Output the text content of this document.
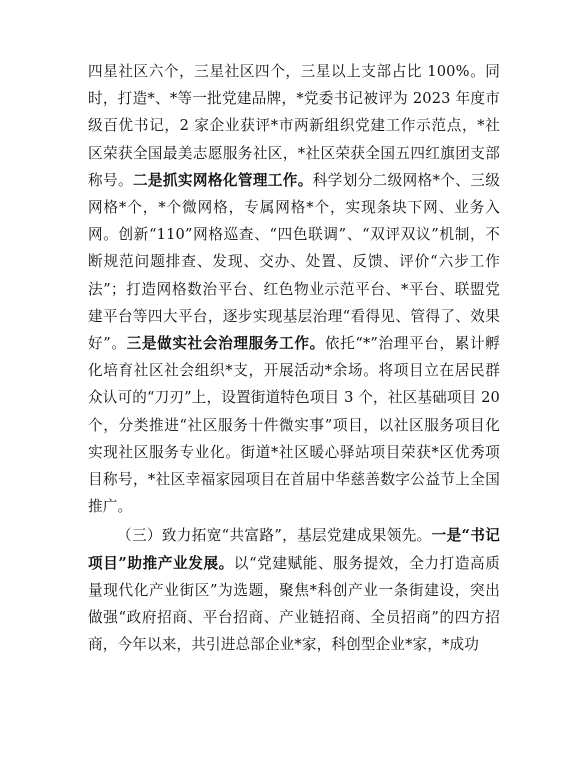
四星社区六个，三星社区四个，三星以上支部占比 100%。同时，打造*、*等一批党建品牌，*党委书记被评为 2023 年度市级百优书记，2 家企业获评*市两新组织党建工作示范点，*社区荣获全国最美志愿服务社区，*社区荣获全国五四红旗团支部称号。二是抓实网格化管理工作。科学划分二级网格*个、三级网格*个，*个微网格，专属网格*个，实现条块下网、业务入网。创新“110”网格巡查、“四色联调”、“双评双议”机制，不断规范问题排查、发现、交办、处置、反馈、评价“六步工作法”；打造网格数治平台、红色物业示范平台、*平台、联盟党建平台等四大平台，逐步实现基层治理“看得见、管得了、效果好”。三是做实社会治理服务工作。依托“*”治理平台，累计孵化培育社区社会组织*支，开展活动*余场。将项目立在居民群众认可的“刀刃”上，设置街道特色项目 3 个，社区基础项目 20 个，分类推进“社区服务十件微实事”项目，以社区服务项目化实现社区服务专业化。街道*社区暖心驿站项目荣获*区优秀项目称号，*社区幸福家园项目在首届中华慈善数字公益节上全国推广。

（三）致力拓宽“共富路”，基层党建成果领先。一是“书记项目”助推产业发展。以“党建赋能、服务提效，全力打造高质量现代化产业街区”为选题，聚焦*科创产业一条街建设，突出做强“政府招商、平台招商、产业链招商、全员招商”的四方招商，今年以来，共引进总部企业*家，科创型企业*家，*成功
